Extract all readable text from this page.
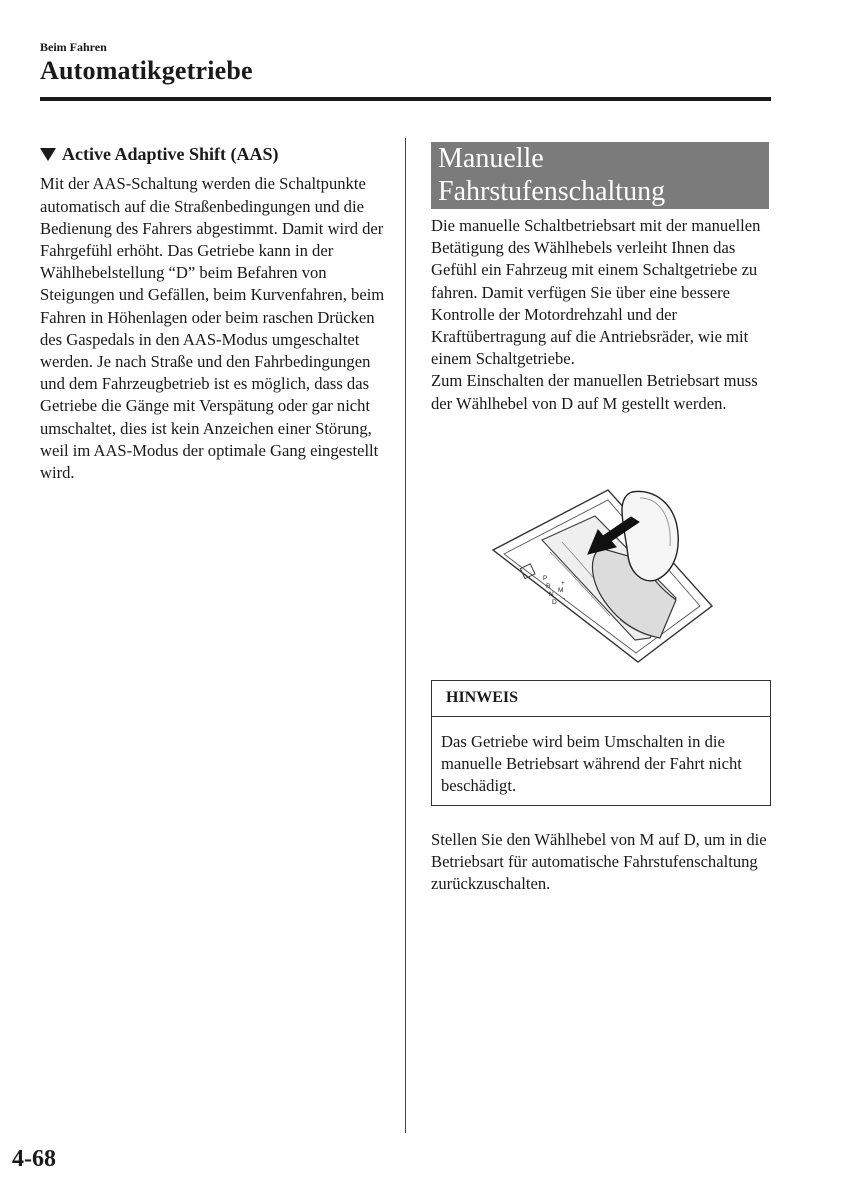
Beim Fahren
Automatikgetriebe
Active Adaptive Shift (AAS)

Mit der AAS-Schaltung werden die Schaltpunkte automatisch auf die Straßenbedingungen und die Bedienung des Fahrers abgestimmt. Damit wird der Fahrgefühl erhöht. Das Getriebe kann in der Wählhebelstellung “D” beim Befahren von Steigungen und Gefällen, beim Kurvenfahren, beim Fahren in Höhenlagen oder beim raschen Drücken des Gaspedals in den AAS-Modus umgeschaltet werden. Je nach Straße und den Fahrbedingungen und dem Fahrzeugbetrieb ist es möglich, dass das Getriebe die Gänge mit Verspätung oder gar nicht umschaltet, dies ist kein Anzeichen einer Störung, weil im AAS-Modus der optimale Gang eingestellt wird.

Manuelle
Fahrstufenschaltung

Die manuelle Schaltbetriebsart mit der manuellen Betätigung des Wählhebels verleiht Ihnen das Gefühl ein Fahrzeug mit einem Schaltgetriebe zu fahren. Damit verfügen Sie über eine bessere Kontrolle der Motordrehzahl und der Kraftübertragung auf die Antriebsräder, wie mit einem Schaltgetriebe.

Zum Einschalten der manuellen Betriebsart muss der Wählhebel von D auf M gestellt werden.

P
R
N
D
M
+
-
HINWEIS

Das Getriebe wird beim Umschalten in die manuelle Betriebsart während der Fahrt nicht beschädigt.

Stellen Sie den Wählhebel von M auf D, um in die Betriebsart für automatische Fahrstufenschaltung zurückzuschalten.

4-68
